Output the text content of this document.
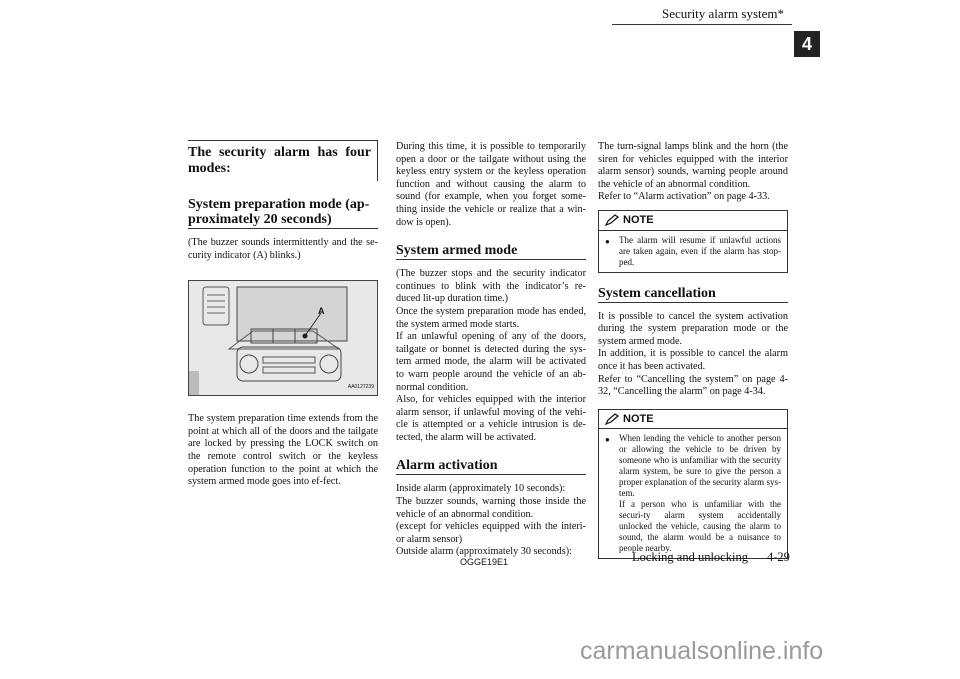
Security alarm system*
4
The security alarm has four modes:
System preparation mode (ap-proximately 20 seconds)

(The buzzer sounds intermittently and the se-curity indicator (A) blinks.)

A
AA0127239

The system preparation time extends from the point at which all of the doors and the tailgate are locked by pressing the LOCK switch on the remote control switch or the keyless operation function to the point at which the system armed mode goes into ef-fect.

During this time, it is possible to temporarily open a door or the tailgate without using the keyless entry system or the keyless operation function and without causing the alarm to sound (for example, when you forget some-thing inside the vehicle or realize that a win-dow is open).

System armed mode

(The buzzer stops and the security indicator continues to blink with the indicator’s re-duced lit-up duration time.)

Once the system preparation mode has ended, the system armed mode starts.

If an unlawful opening of any of the doors, tailgate or bonnet is detected during the sys-tem armed mode, the alarm will be activated to warn people around the vehicle of an ab-normal condition.

Also, for vehicles equipped with the interior alarm sensor, if unlawful moving of the vehi-cle is attempted or a vehicle intrusion is de-tected, the alarm will be activated.

Alarm activation

Inside alarm (approximately 10 seconds):

The buzzer sounds, warning those inside the vehicle of an abnormal condition.

(except for vehicles equipped with the interi-or alarm sensor)

Outside alarm (approximately 30 seconds):

The turn-signal lamps blink and the horn (the siren for vehicles equipped with the interior alarm sensor) sounds, warning people around the vehicle of an abnormal condition.

Refer to “Alarm activation” on page 4-33.

NOTE
●	The alarm will resume if unlawful actions are taken again, even if the alarm has stop-ped.
System cancellation

It is possible to cancel the system activation during the system preparation mode or the system armed mode.

In addition, it is possible to cancel the alarm once it has been activated.

Refer to “Cancelling the system” on page 4-32, “Cancelling the alarm” on page 4-34.

NOTE
●	When lending the vehicle to another person or allowing the vehicle to be driven by someone who is unfamiliar with the security alarm system, be sure to give the person a proper explanation of the security alarm sys-tem.
If a person who is unfamiliar with the securi-ty alarm system accidentally unlocked the vehicle, causing the alarm to sound, the alarm would be a nuisance to people nearby.
OGGE19E1	Locking and unlocking 4-29
carmanualsonline.info
